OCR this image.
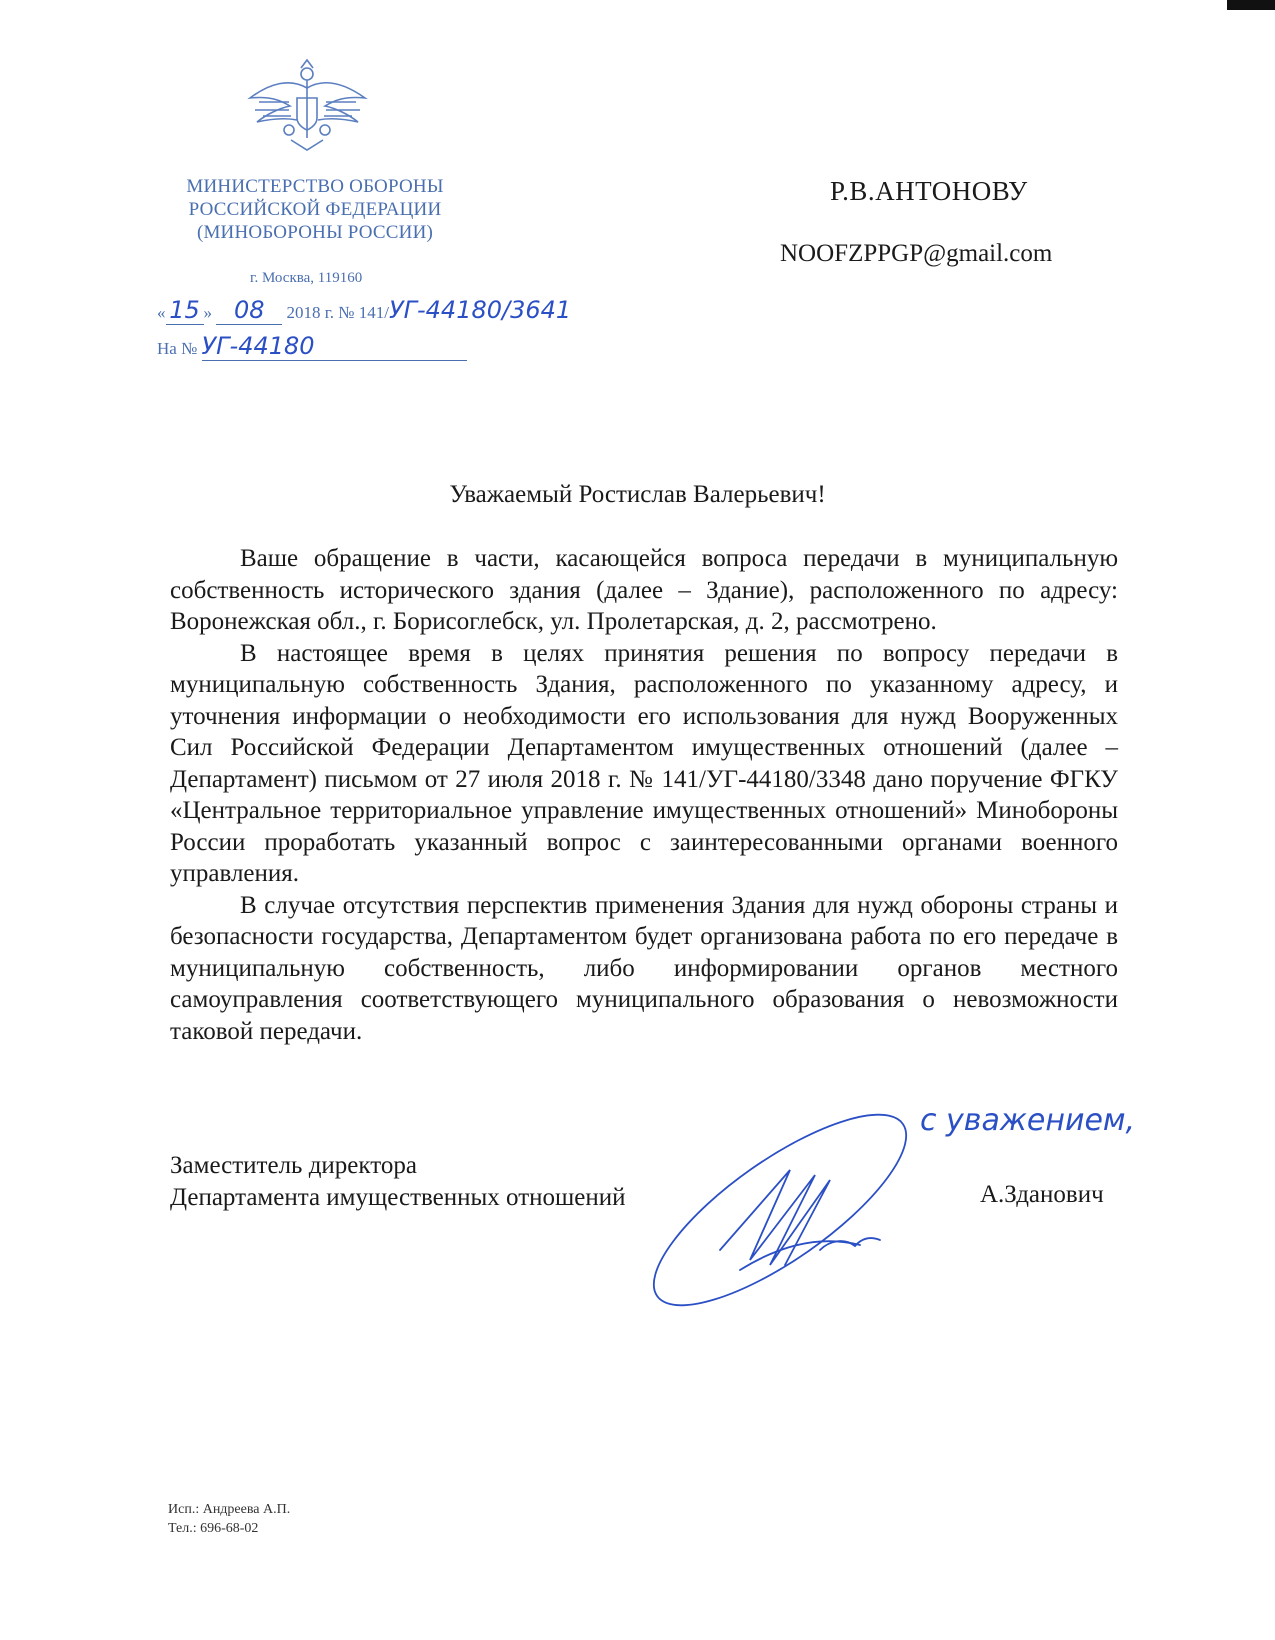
МИНИСТЕРСТВО ОБОРОНЫ
РОССИЙСКОЙ ФЕДЕРАЦИИ
(МИНОБОРОНЫ РОССИИ)
г. Москва, 119160
« 15 » 08 2018 г. № 141/УГ-44180/3641
На № УГ-44180
Р.В.АНТОНОВУ
NOOFZPPGP@gmail.com
Уважаемый Ростислав Валерьевич!

Ваше обращение в части, касающейся вопроса передачи в муниципальную собственность исторического здания (далее – Здание), расположенного по адресу: Воронежская обл., г. Борисоглебск, ул. Пролетарская, д. 2, рассмотрено.

В настоящее время в целях принятия решения по вопросу передачи в муниципальную собственность Здания, расположенного по указанному адресу, и уточнения информации о необходимости его использования для нужд Вооруженных Сил Российской Федерации Департаментом имущественных отношений (далее – Департамент) письмом от 27 июля 2018 г. № 141/УГ-44180/3348 дано поручение ФГКУ «Центральное территориальное управление имущественных отношений» Минобороны России проработать указанный вопрос с заинтересованными органами военного управления.

В случае отсутствия перспектив применения Здания для нужд обороны страны и безопасности государства, Департаментом будет организована работа по его передаче в муниципальную собственность, либо информировании органов местного самоуправления соответствующего муниципального образования о невозможности таковой передачи.

с уважением,
Заместитель директора
Департамента имущественных отношений	А.Зданович
Исп.: Андреева А.П.
Тел.: 696-68-02
